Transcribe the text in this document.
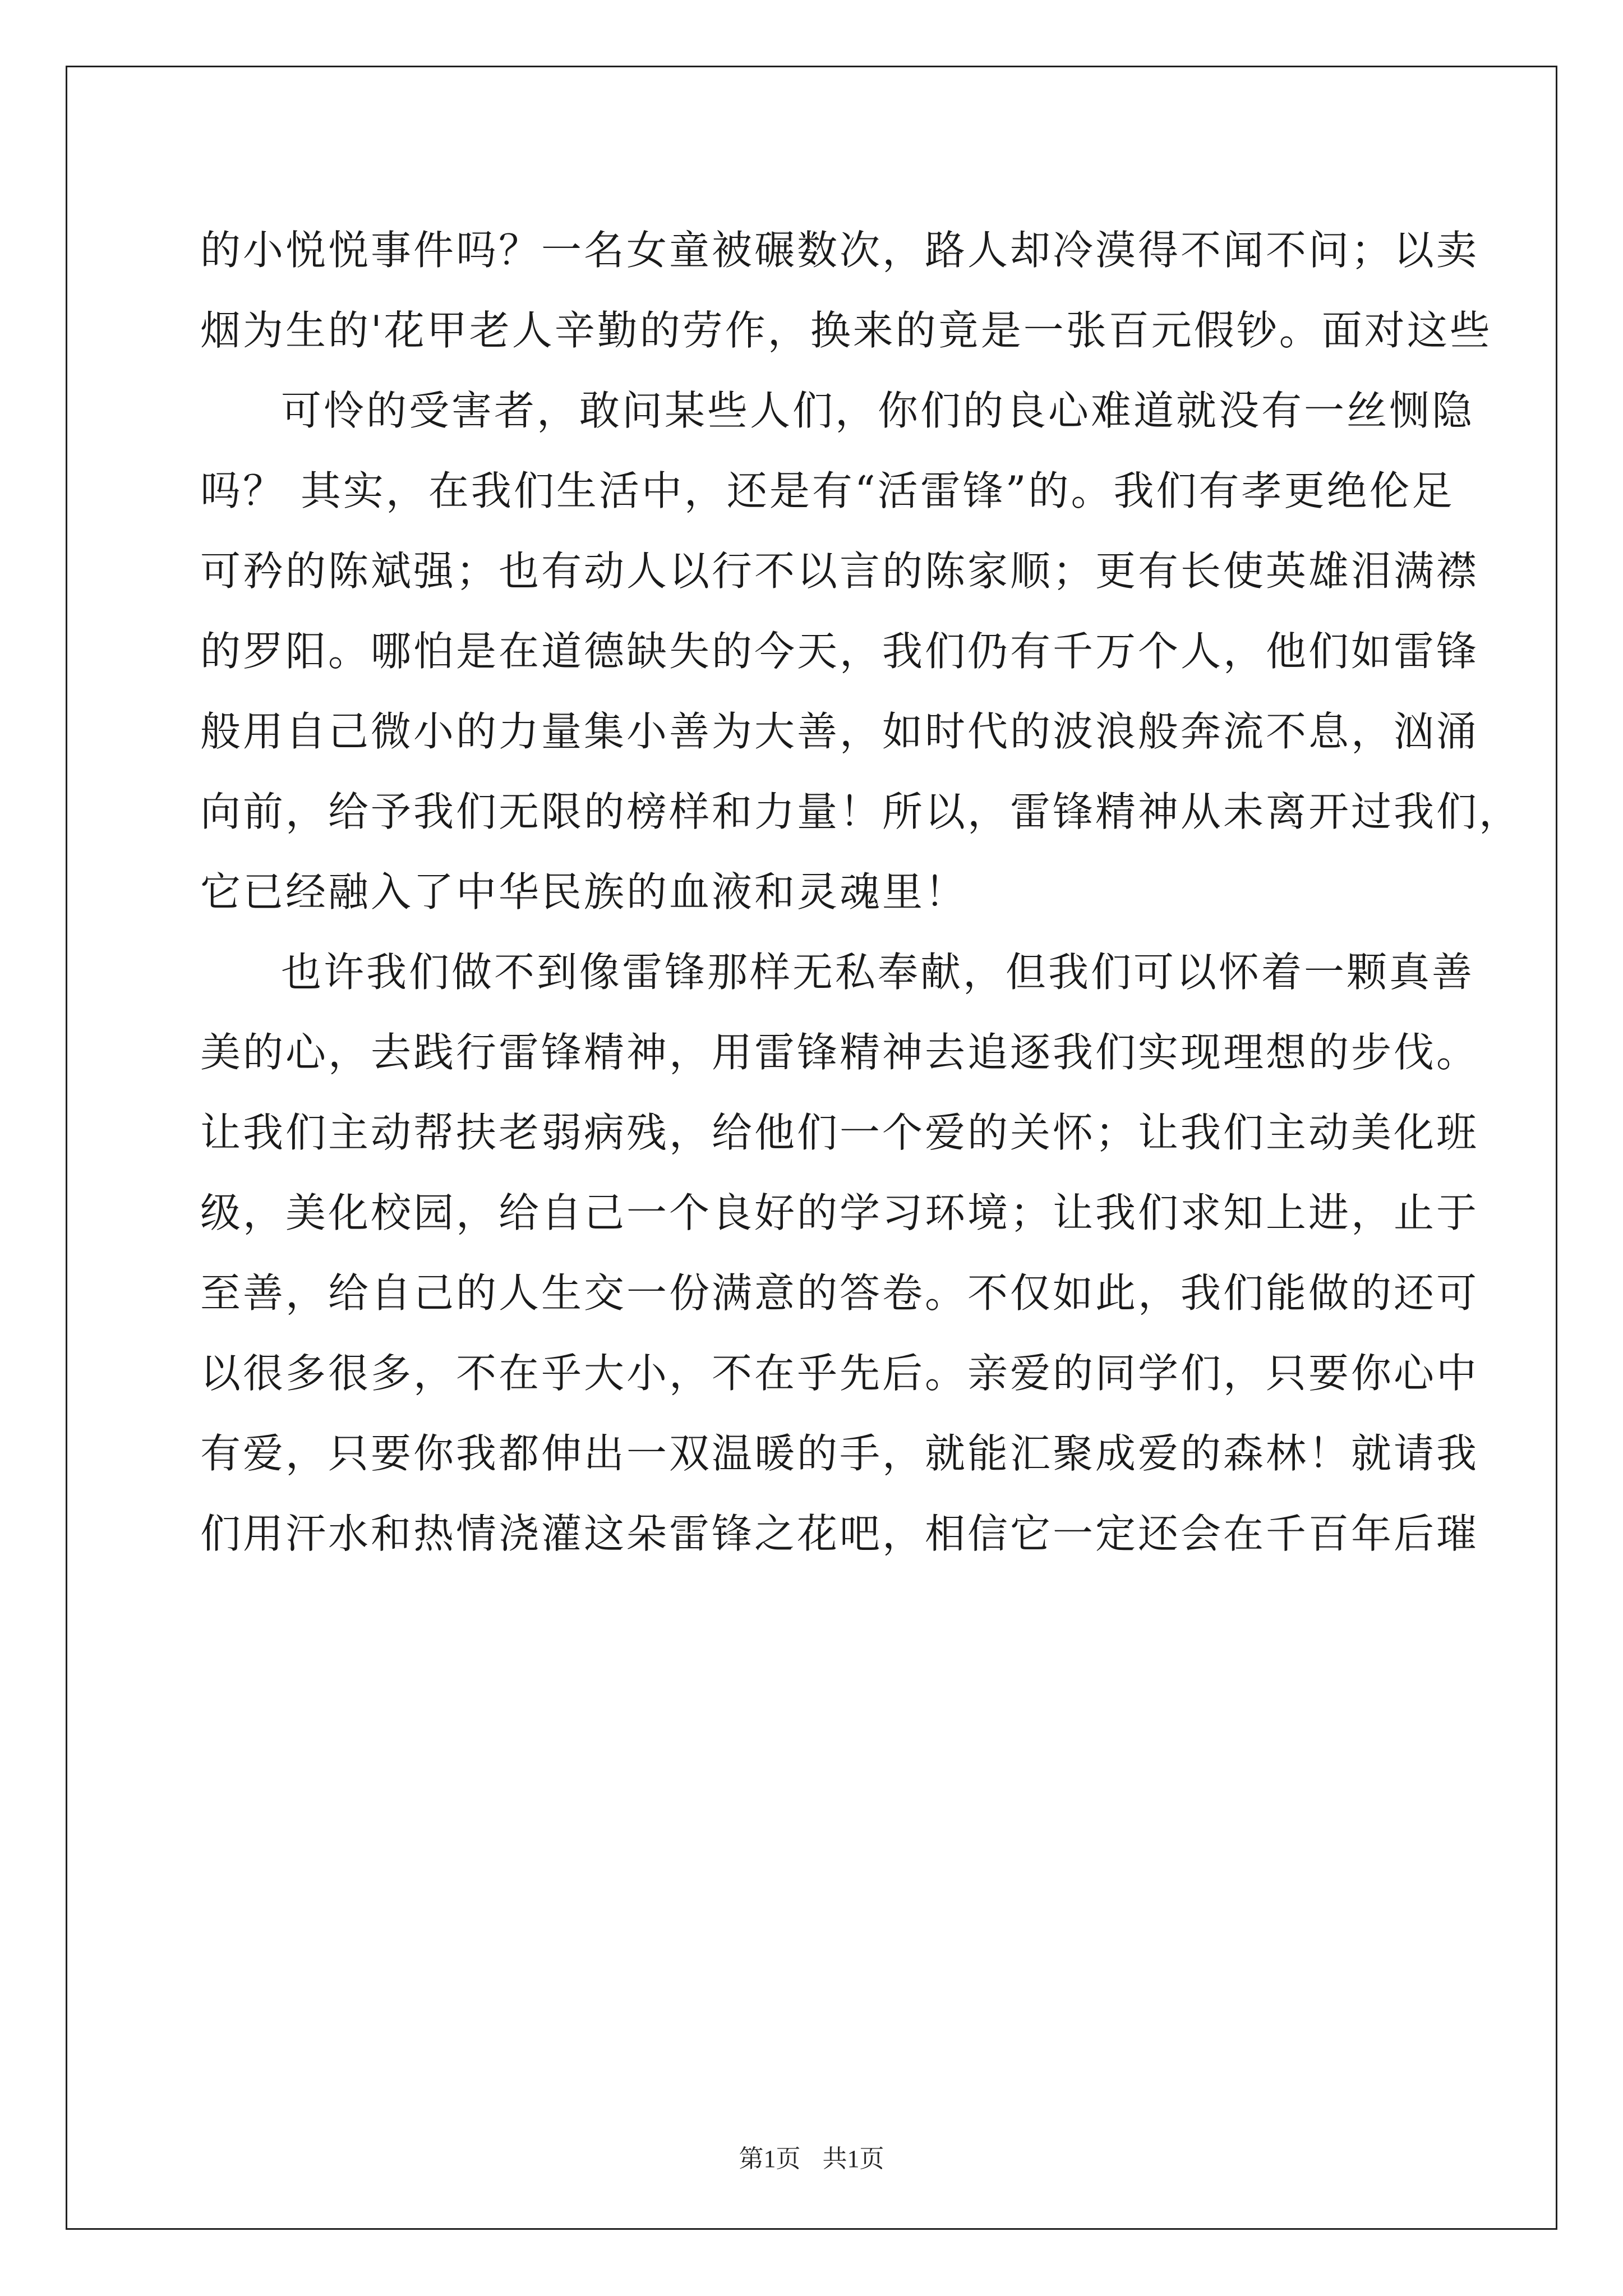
的小悦悦事件吗？一名女童被碾数次，路人却冷漠得不闻不问；以卖
烟为生的'花甲老人辛勤的劳作，换来的竟是一张百元假钞。面对这些
可怜的受害者，敢问某些人们，你们的良心难道就没有一丝恻隐
吗？ 其实，在我们生活中，还是有“活雷锋”的。我们有孝更绝伦足
可矜的陈斌强；也有动人以行不以言的陈家顺；更有长使英雄泪满襟
的罗阳。哪怕是在道德缺失的今天，我们仍有千万个人，他们如雷锋
般用自己微小的力量集小善为大善，如时代的波浪般奔流不息，汹涌
向前，给予我们无限的榜样和力量！所以，雷锋精神从未离开过我们，
它已经融入了中华民族的血液和灵魂里！
也许我们做不到像雷锋那样无私奉献，但我们可以怀着一颗真善
美的心，去践行雷锋精神，用雷锋精神去追逐我们实现理想的步伐。
让我们主动帮扶老弱病残，给他们一个爱的关怀；让我们主动美化班
级，美化校园，给自己一个良好的学习环境；让我们求知上进，止于
至善，给自己的人生交一份满意的答卷。不仅如此，我们能做的还可
以很多很多，不在乎大小，不在乎先后。亲爱的同学们，只要你心中
有爱，只要你我都伸出一双温暖的手，就能汇聚成爱的森林！就请我
们用汗水和热情浇灌这朵雷锋之花吧，相信它一定还会在千百年后璀
第1页 共1页
